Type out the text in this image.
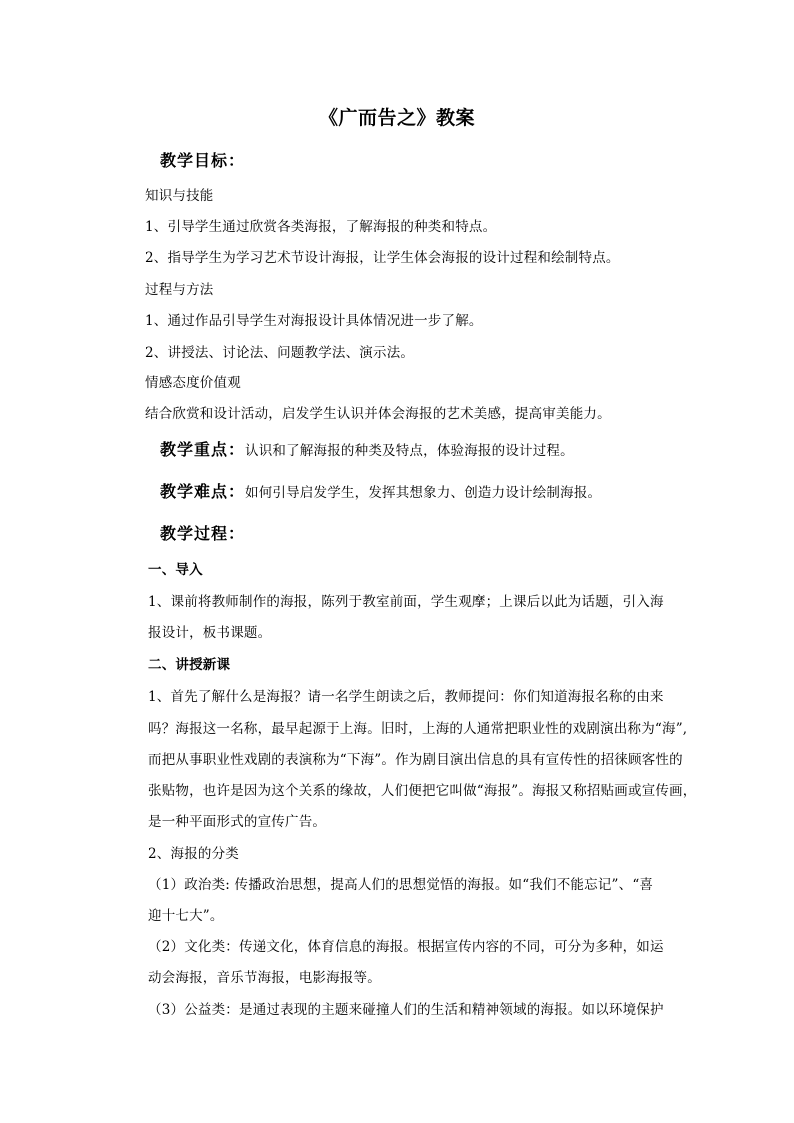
《广而告之》教案
教学目标：
知识与技能
1、引导学生通过欣赏各类海报，了解海报的种类和特点。
2、指导学生为学习艺术节设计海报，让学生体会海报的设计过程和绘制特点。
过程与方法
1、通过作品引导学生对海报设计具体情况进一步了解。
2、讲授法、讨论法、问题教学法、演示法。
情感态度价值观
结合欣赏和设计活动，启发学生认识并体会海报的艺术美感，提高审美能力。
教学重点：认识和了解海报的种类及特点，体验海报的设计过程。
教学难点：如何引导启发学生，发挥其想象力、创造力设计绘制海报。
教学过程：
一、导入
1、课前将教师制作的海报，陈列于教室前面，学生观摩；上课后以此为话题，引入海
报设计，板书课题。
二、讲授新课
1、首先了解什么是海报？请一名学生朗读之后，教师提问：你们知道海报名称的由来
吗？海报这一名称，最早起源于上海。旧时，上海的人通常把职业性的戏剧演出称为“海”,
而把从事职业性戏剧的表演称为“下海”。作为剧目演出信息的具有宣传性的招徕顾客性的
张贴物，也许是因为这个关系的缘故，人们便把它叫做“海报”。海报又称招贴画或宣传画，
是一种平面形式的宣传广告。
2、海报的分类
（1）政治类: 传播政治思想，提高人们的思想觉悟的海报。如“我们不能忘记”、“喜
迎十七大”。
（2）文化类：传递文化，体育信息的海报。根据宣传内容的不同，可分为多种，如运
动会海报，音乐节海报，电影海报等。
（3）公益类：是通过表现的主题来碰撞人们的生活和精神领域的海报。如以环境保护
